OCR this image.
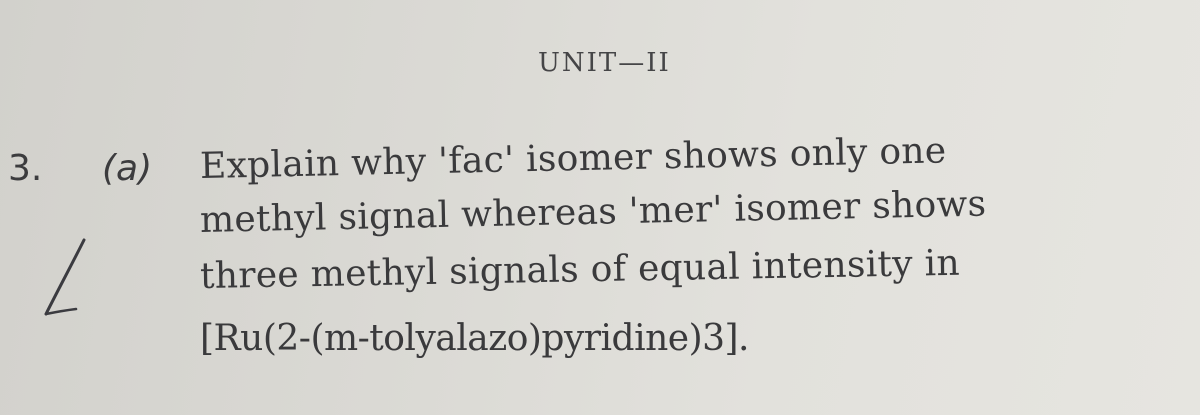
UNIT—II
3. (a) Explain why 'fac' isomer shows only one
methyl signal whereas 'mer' isomer shows
three methyl signals of equal intensity in
[Ru(2-(m-tolyalazo)pyridine)3].
